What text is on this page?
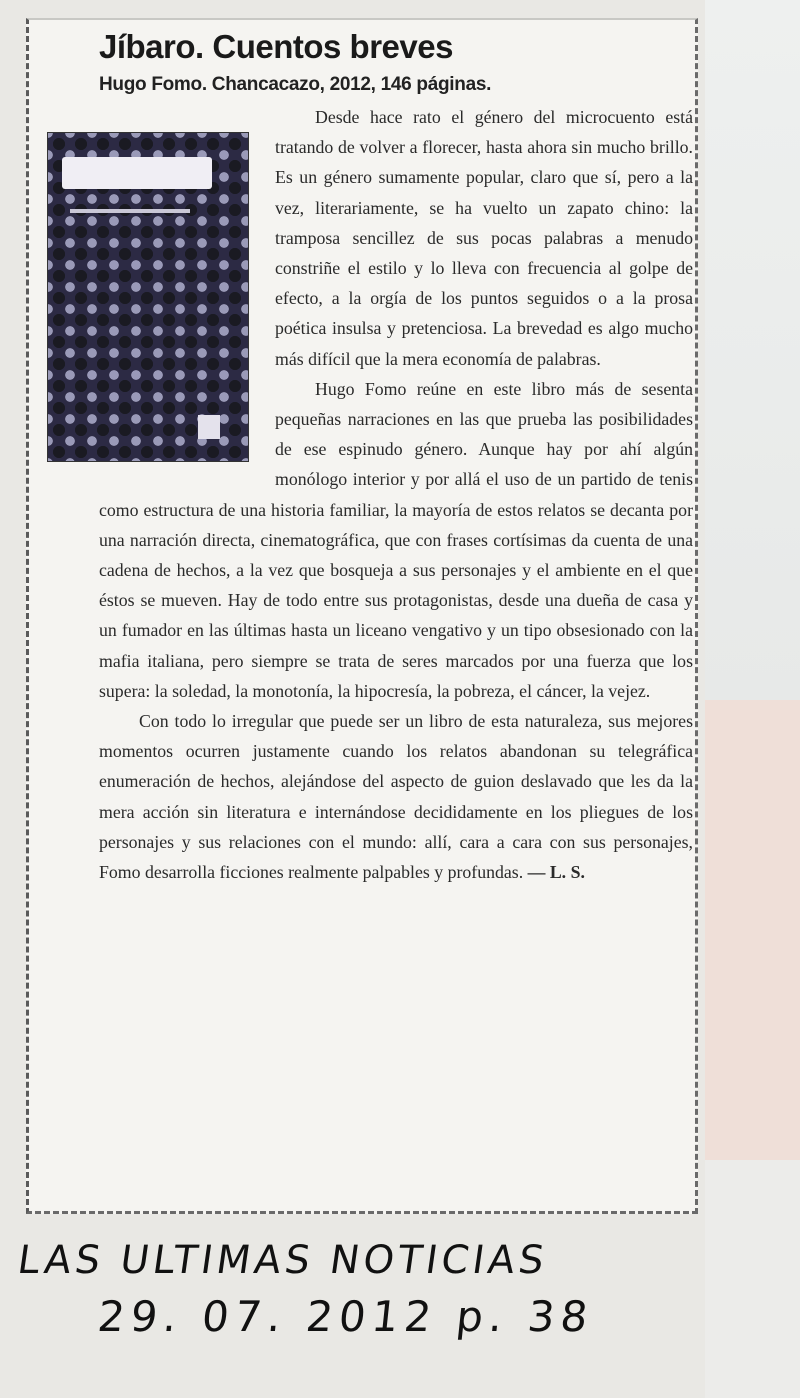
Jíbaro. Cuentos breves
Hugo Fomo. Chancacazo, 2012, 146 páginas.

Desde hace rato el género del microcuento está tratando de volver a florecer, hasta ahora sin mucho brillo. Es un género sumamente popular, claro que sí, pero a la vez, literariamente, se ha vuelto un zapato chino: la tramposa sencillez de sus pocas palabras a menudo constriñe el estilo y lo lleva con frecuencia al golpe de efecto, a la orgía de los puntos seguidos o a la prosa poética insulsa y pretenciosa. La brevedad es algo mucho más difícil que la mera economía de palabras.

Hugo Fomo reúne en este libro más de sesenta pequeñas narraciones en las que prueba las posibilidades de ese espinudo género. Aunque hay por ahí algún monólogo interior y por allá el uso de un partido de tenis como estructura de una historia familiar, la mayoría de estos relatos se decanta por una narración directa, cinematográfica, que con frases cortísimas da cuenta de una cadena de hechos, a la vez que bosqueja a sus personajes y el ambiente en el que éstos se mueven. Hay de todo entre sus protagonistas, desde una dueña de casa y un fumador en las últimas hasta un liceano vengativo y un tipo obsesionado con la mafia italiana, pero siempre se trata de seres marcados por una fuerza que los supera: la soledad, la monotonía, la hipocresía, la pobreza, el cáncer, la vejez.

Con todo lo irregular que puede ser un libro de esta naturaleza, sus mejores momentos ocurren justamente cuando los relatos abandonan su telegráfica enumeración de hechos, alejándose del aspecto de guion deslavado que les da la mera acción sin literatura e internándose decididamente en los pliegues de los personajes y sus relaciones con el mundo: allí, cara a cara con sus personajes, Fomo desarrolla ficciones realmente palpables y profundas. — L. S.

LAS ULTIMAS NOTICIAS
29. 07. 2012 p. 38
